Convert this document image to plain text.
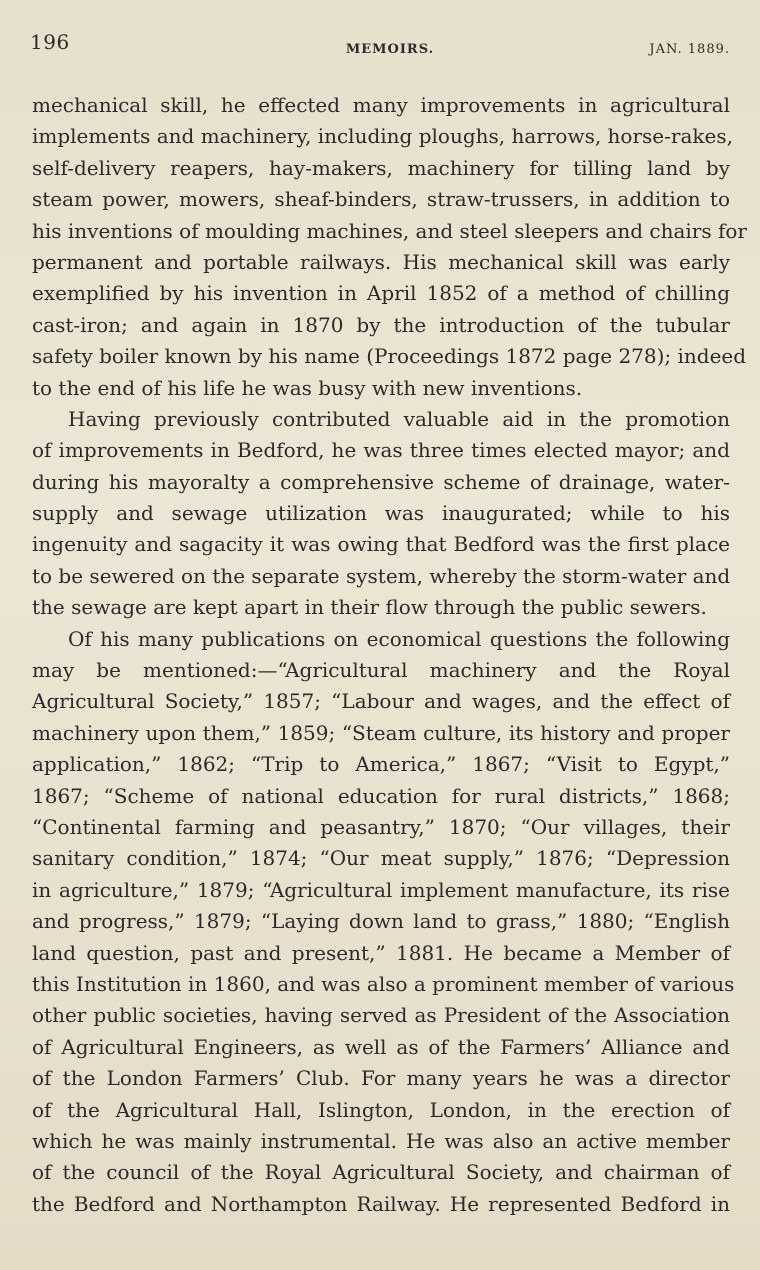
196	MEMOIRS.	JAN. 1889.
mechanical skill, he effected many improvements in agricultural
implements and machinery, including ploughs, harrows, horse-rakes,
self-delivery reapers, hay-makers, machinery for tilling land by
steam power, mowers, sheaf-binders, straw-trussers, in addition to
his inventions of moulding machines, and steel sleepers and chairs for
permanent and portable railways. His mechanical skill was early
exemplified by his invention in April 1852 of a method of chilling
cast-iron; and again in 1870 by the introduction of the tubular
safety boiler known by his name (Proceedings 1872 page 278); indeed
to the end of his life he was busy with new inventions.
Having previously contributed valuable aid in the promotion
of improvements in Bedford, he was three times elected mayor; and
during his mayoralty a comprehensive scheme of drainage, water-
supply and sewage utilization was inaugurated; while to his
ingenuity and sagacity it was owing that Bedford was the first place
to be sewered on the separate system, whereby the storm-water and
the sewage are kept apart in their flow through the public sewers.
Of his many publications on economical questions the following
may be mentioned:—“Agricultural machinery and the Royal
Agricultural Society,” 1857; “Labour and wages, and the effect of
machinery upon them,” 1859; “Steam culture, its history and proper
application,” 1862; “Trip to America,” 1867; “Visit to Egypt,”
1867; “Scheme of national education for rural districts,” 1868;
“Continental farming and peasantry,” 1870; “Our villages, their
sanitary condition,” 1874; “Our meat supply,” 1876; “Depression
in agriculture,” 1879; “Agricultural implement manufacture, its rise
and progress,” 1879; “Laying down land to grass,” 1880; “English
land question, past and present,” 1881. He became a Member of
this Institution in 1860, and was also a prominent member of various
other public societies, having served as President of the Association
of Agricultural Engineers, as well as of the Farmers’ Alliance and
of the London Farmers’ Club. For many years he was a director
of the Agricultural Hall, Islington, London, in the erection of
which he was mainly instrumental. He was also an active member
of the council of the Royal Agricultural Society, and chairman of
the Bedford and Northampton Railway. He represented Bedford in
